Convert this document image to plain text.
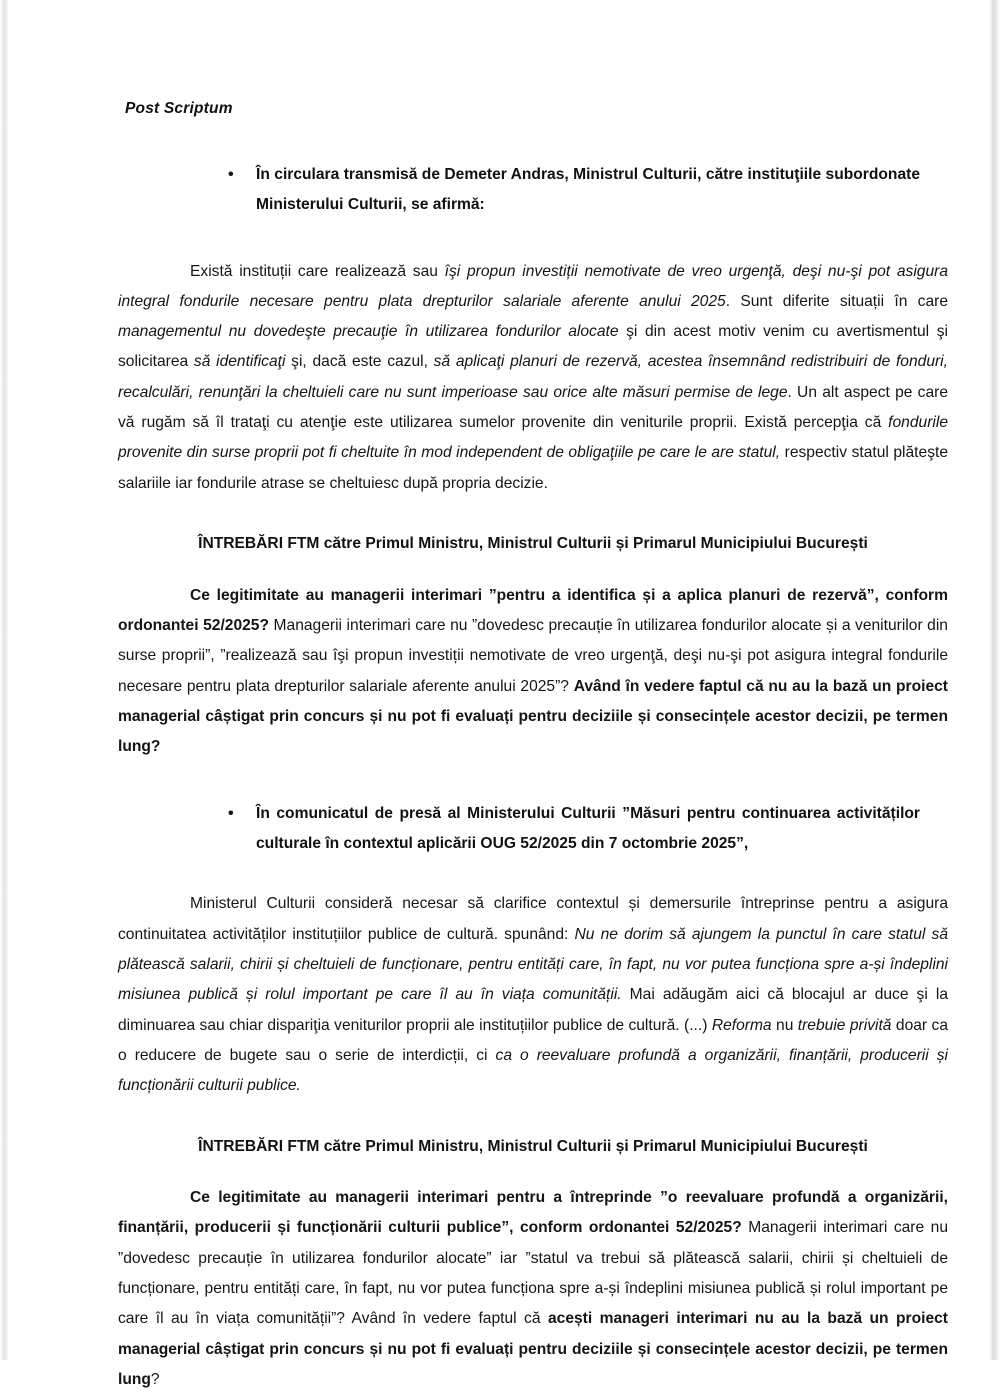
Post Scriptum
• În circulara transmisă de Demeter Andras, Ministrul Culturii, către instituţiile subordonate Ministerului Culturii, se afirmă:

Există instituții care realizează sau îşi propun investiții nemotivate de vreo urgenţă, deşi nu-şi pot asigura integral fondurile necesare pentru plata drepturilor salariale aferente anului 2025. Sunt diferite situații în care managementul nu dovedeşte precauţie în utilizarea fondurilor alocate şi din acest motiv venim cu avertismentul şi solicitarea să identificaţi şi, dacă este cazul, să aplicaţi planuri de rezervă, acestea însemnând redistribuiri de fonduri, recalculări, renunţări la cheltuieli care nu sunt imperioase sau orice alte măsuri permise de lege. Un alt aspect pe care vă rugăm să îl trataţi cu atenţie este utilizarea sumelor provenite din veniturile proprii. Există percepţia că fondurile provenite din surse proprii pot fi cheltuite în mod independent de obligaţiile pe care le are statul, respectiv statul plăteşte salariile iar fondurile atrase se cheltuiesc după propria decizie.

ÎNTREBĂRI FTM către Primul Ministru, Ministrul Culturii și Primarul Municipiului București

Ce legitimitate au managerii interimari ”pentru a identifica și a aplica planuri de rezervă”, conform ordonantei 52/2025? Managerii interimari care nu ”dovedesc precauție în utilizarea fondurilor alocate și a veniturilor din surse proprii”, ”realizează sau îşi propun investiții nemotivate de vreo urgenţă, deşi nu-şi pot asigura integral fondurile necesare pentru plata drepturilor salariale aferente anului 2025”? Având în vedere faptul că nu au la bază un proiect managerial câștigat prin concurs și nu pot fi evaluați pentru deciziile și consecințele acestor decizii, pe termen lung?

• În comunicatul de presă al Ministerului Culturii ”Măsuri pentru continuarea activităților culturale în contextul aplicării OUG 52/2025 din 7 octombrie 2025”,

Ministerul Culturii consideră necesar să clarifice contextul și demersurile întreprinse pentru a asigura continuitatea activităților instituțiilor publice de cultură. spunând: Nu ne dorim să ajungem la punctul în care statul să plătească salarii, chirii și cheltuieli de funcționare, pentru entități care, în fapt, nu vor putea funcționa spre a-și îndeplini misiunea publică și rolul important pe care îl au în viața comunității. Mai adăugăm aici că blocajul ar duce şi la diminuarea sau chiar dispariţia veniturilor proprii ale instituțiilor publice de cultură. (...) Reforma nu trebuie privită doar ca o reducere de bugete sau o serie de interdicții, ci ca o reevaluare profundă a organizării, finanțării, producerii și funcționării culturii publice.

ÎNTREBĂRI FTM către Primul Ministru, Ministrul Culturii și Primarul Municipiului București

Ce legitimitate au managerii interimari pentru a întreprinde ”o reevaluare profundă a organizării, finanțării, producerii și funcționării culturii publice”, conform ordonantei 52/2025? Managerii interimari care nu ”dovedesc precauție în utilizarea fondurilor alocate” iar ”statul va trebui să plătească salarii, chirii și cheltuieli de funcționare, pentru entități care, în fapt, nu vor putea funcționa spre a-și îndeplini misiunea publică și rolul important pe care îl au în viața comunității”? Având în vedere faptul că acești manageri interimari nu au la bază un proiect managerial câștigat prin concurs și nu pot fi evaluați pentru deciziile și consecințele acestor decizii, pe termen lung?
